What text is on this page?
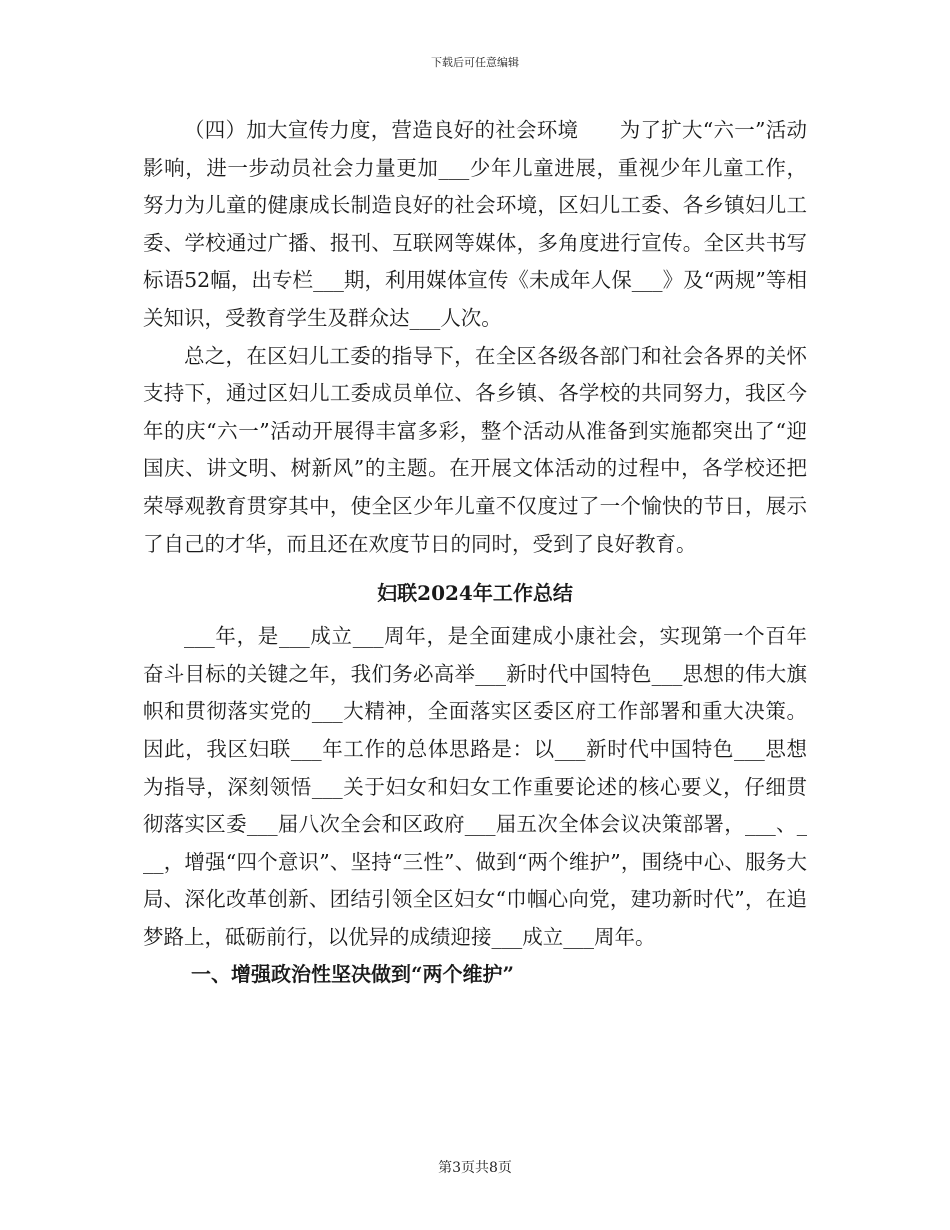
下载后可任意编辑

（四）加大宣传力度，营造良好的社会环境　　为了扩大“六一”活动影响，进一步动员社会力量更加___少年儿童进展，重视少年儿童工作，努力为儿童的健康成长制造良好的社会环境，区妇儿工委、各乡镇妇儿工委、学校通过广播、报刊、互联网等媒体，多角度进行宣传。全区共书写标语52幅，出专栏___期，利用媒体宣传《未成年人保___》及“两规”等相关知识，受教育学生及群众达___人次。

总之，在区妇儿工委的指导下，在全区各级各部门和社会各界的关怀支持下，通过区妇儿工委成员单位、各乡镇、各学校的共同努力，我区今年的庆“六一”活动开展得丰富多彩，整个活动从准备到实施都突出了“迎国庆、讲文明、树新风”的主题。在开展文体活动的过程中，各学校还把荣辱观教育贯穿其中，使全区少年儿童不仅度过了一个愉快的节日，展示了自己的才华，而且还在欢度节日的同时，受到了良好教育。

妇联2024年工作总结

___年，是___成立___周年，是全面建成小康社会，实现第一个百年奋斗目标的关键之年，我们务必高举___新时代中国特色___思想的伟大旗帜和贯彻落实党的___大精神，全面落实区委区府工作部署和重大决策。因此，我区妇联___年工作的总体思路是：以___新时代中国特色___思想为指导，深刻领悟___关于妇女和妇女工作重要论述的核心要义，仔细贯彻落实区委___届八次全会和区政府___届五次全体会议决策部署，___、___，增强“四个意识”、坚持“三性”、做到“两个维护”，围绕中心、服务大局、深化改革创新、团结引领全区妇女“巾帼心向党，建功新时代”，在追梦路上，砥砺前行，以优异的成绩迎接___成立___周年。

一、增强政治性坚决做到“两个维护”

第3页共8页
